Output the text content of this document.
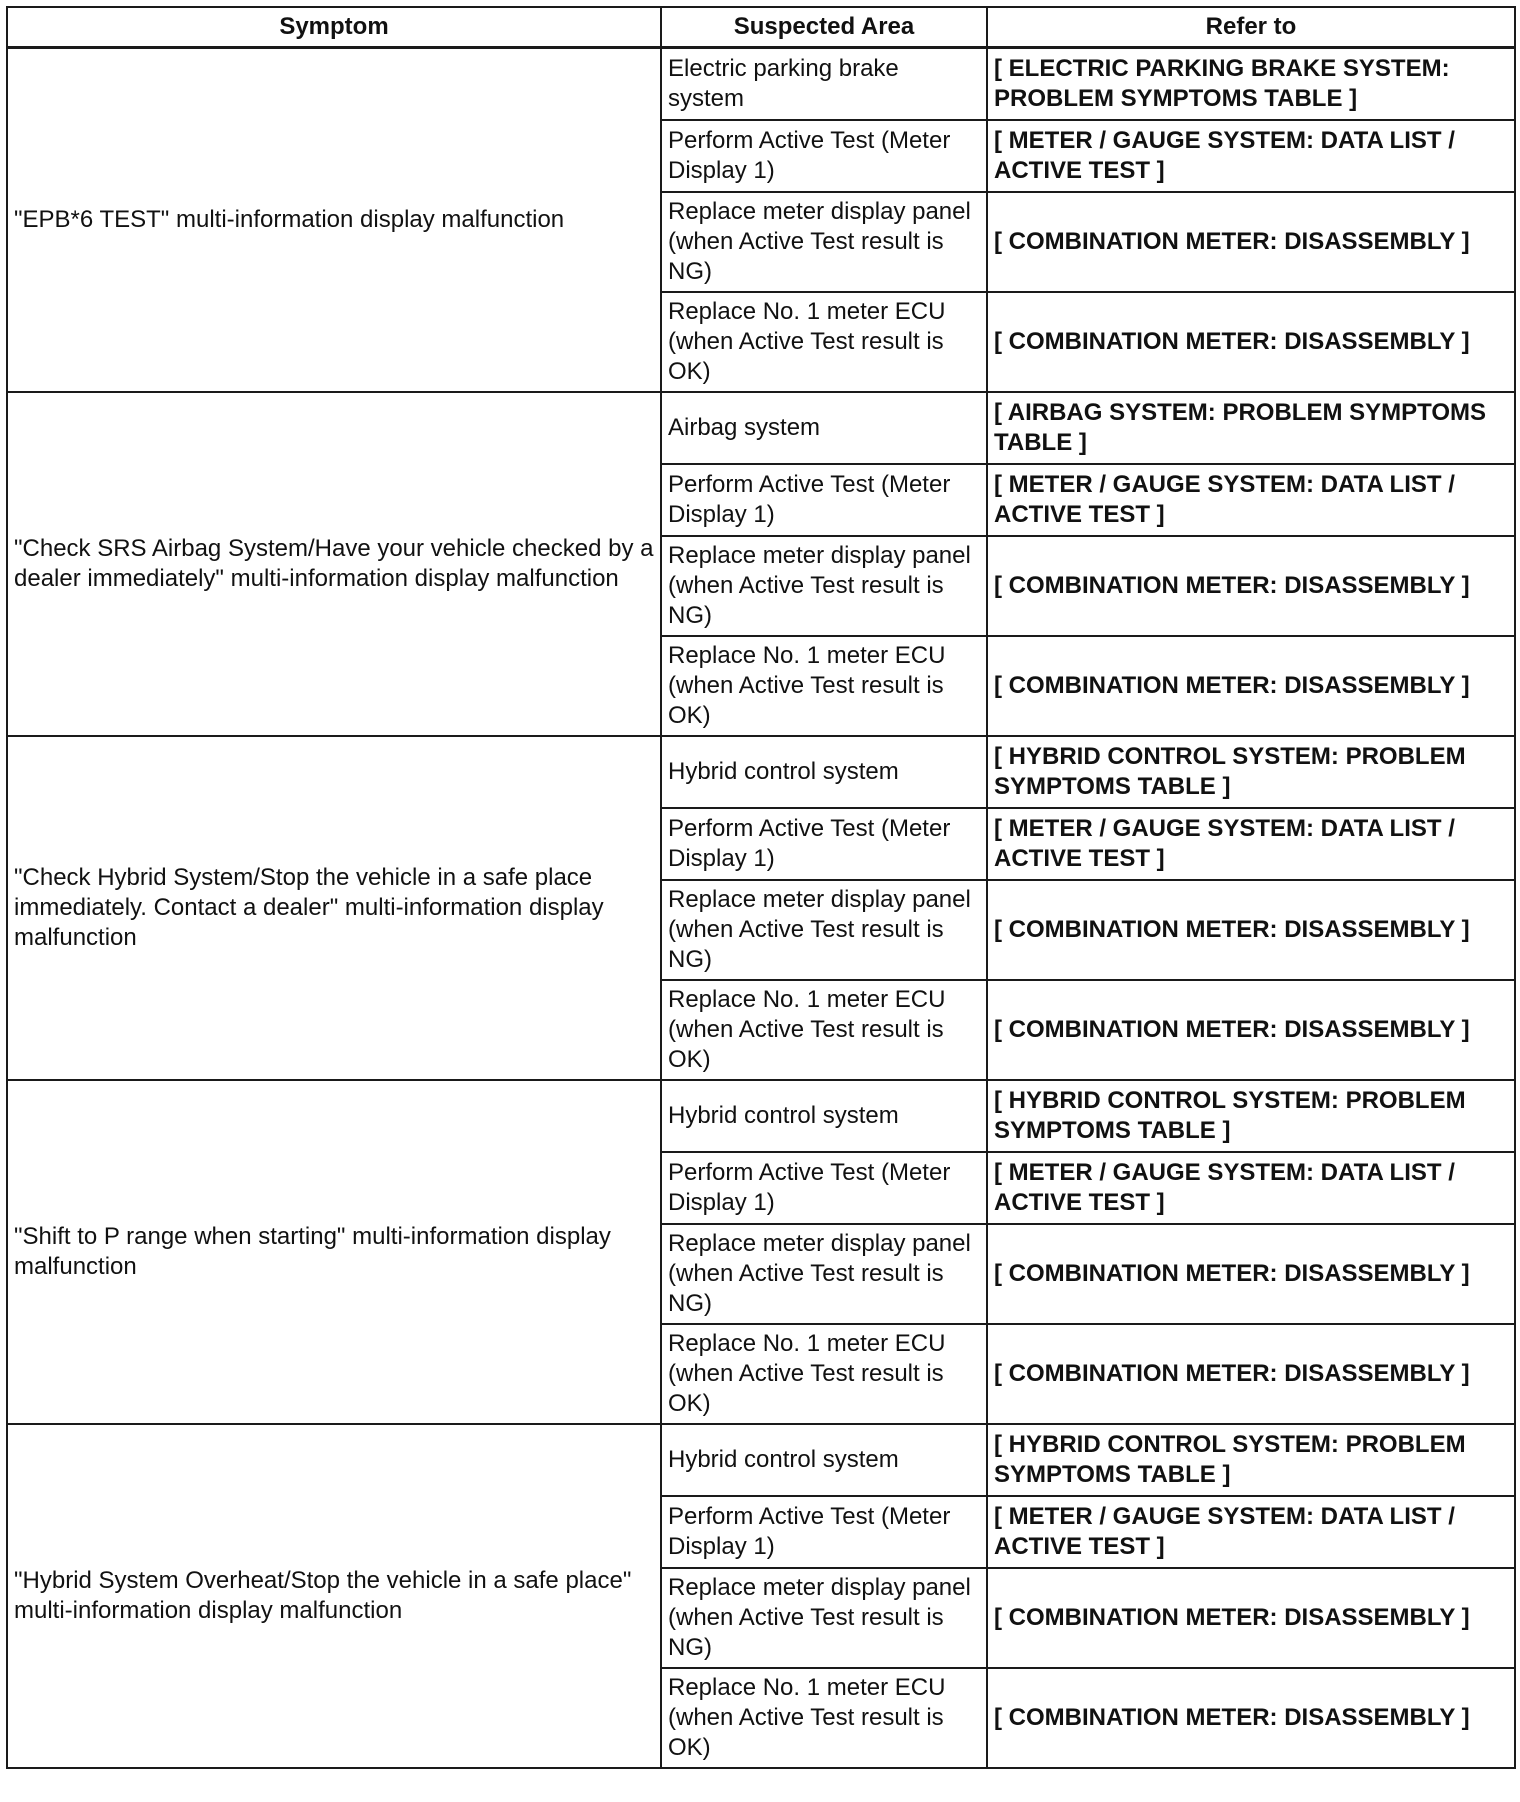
Symptom	Suspected Area	Refer to
"EPB*6 TEST" multi-information display malfunction	Electric parking brake system	[ ELECTRIC PARKING BRAKE SYSTEM: PROBLEM SYMPTOMS TABLE ]
	Perform Active Test (Meter Display 1)	[ METER / GAUGE SYSTEM: DATA LIST / ACTIVE TEST ]
	Replace meter display panel (when Active Test result is NG)	[ COMBINATION METER: DISASSEMBLY ]
	Replace No. 1 meter ECU (when Active Test result is OK)	[ COMBINATION METER: DISASSEMBLY ]
"Check SRS Airbag System/Have your vehicle checked by a dealer immediately" multi-information display malfunction	Airbag system	[ AIRBAG SYSTEM: PROBLEM SYMPTOMS TABLE ]
	Perform Active Test (Meter Display 1)	[ METER / GAUGE SYSTEM: DATA LIST / ACTIVE TEST ]
	Replace meter display panel (when Active Test result is NG)	[ COMBINATION METER: DISASSEMBLY ]
	Replace No. 1 meter ECU (when Active Test result is OK)	[ COMBINATION METER: DISASSEMBLY ]
"Check Hybrid System/Stop the vehicle in a safe place immediately. Contact a dealer" multi-information display malfunction	Hybrid control system	[ HYBRID CONTROL SYSTEM: PROBLEM SYMPTOMS TABLE ]
	Perform Active Test (Meter Display 1)	[ METER / GAUGE SYSTEM: DATA LIST / ACTIVE TEST ]
	Replace meter display panel (when Active Test result is NG)	[ COMBINATION METER: DISASSEMBLY ]
	Replace No. 1 meter ECU (when Active Test result is OK)	[ COMBINATION METER: DISASSEMBLY ]
"Shift to P range when starting" multi-information display malfunction	Hybrid control system	[ HYBRID CONTROL SYSTEM: PROBLEM SYMPTOMS TABLE ]
	Perform Active Test (Meter Display 1)	[ METER / GAUGE SYSTEM: DATA LIST / ACTIVE TEST ]
	Replace meter display panel (when Active Test result is NG)	[ COMBINATION METER: DISASSEMBLY ]
	Replace No. 1 meter ECU (when Active Test result is OK)	[ COMBINATION METER: DISASSEMBLY ]
"Hybrid System Overheat/Stop the vehicle in a safe place" multi-information display malfunction	Hybrid control system	[ HYBRID CONTROL SYSTEM: PROBLEM SYMPTOMS TABLE ]
	Perform Active Test (Meter Display 1)	[ METER / GAUGE SYSTEM: DATA LIST / ACTIVE TEST ]
	Replace meter display panel (when Active Test result is NG)	[ COMBINATION METER: DISASSEMBLY ]
	Replace No. 1 meter ECU (when Active Test result is OK)	[ COMBINATION METER: DISASSEMBLY ]
